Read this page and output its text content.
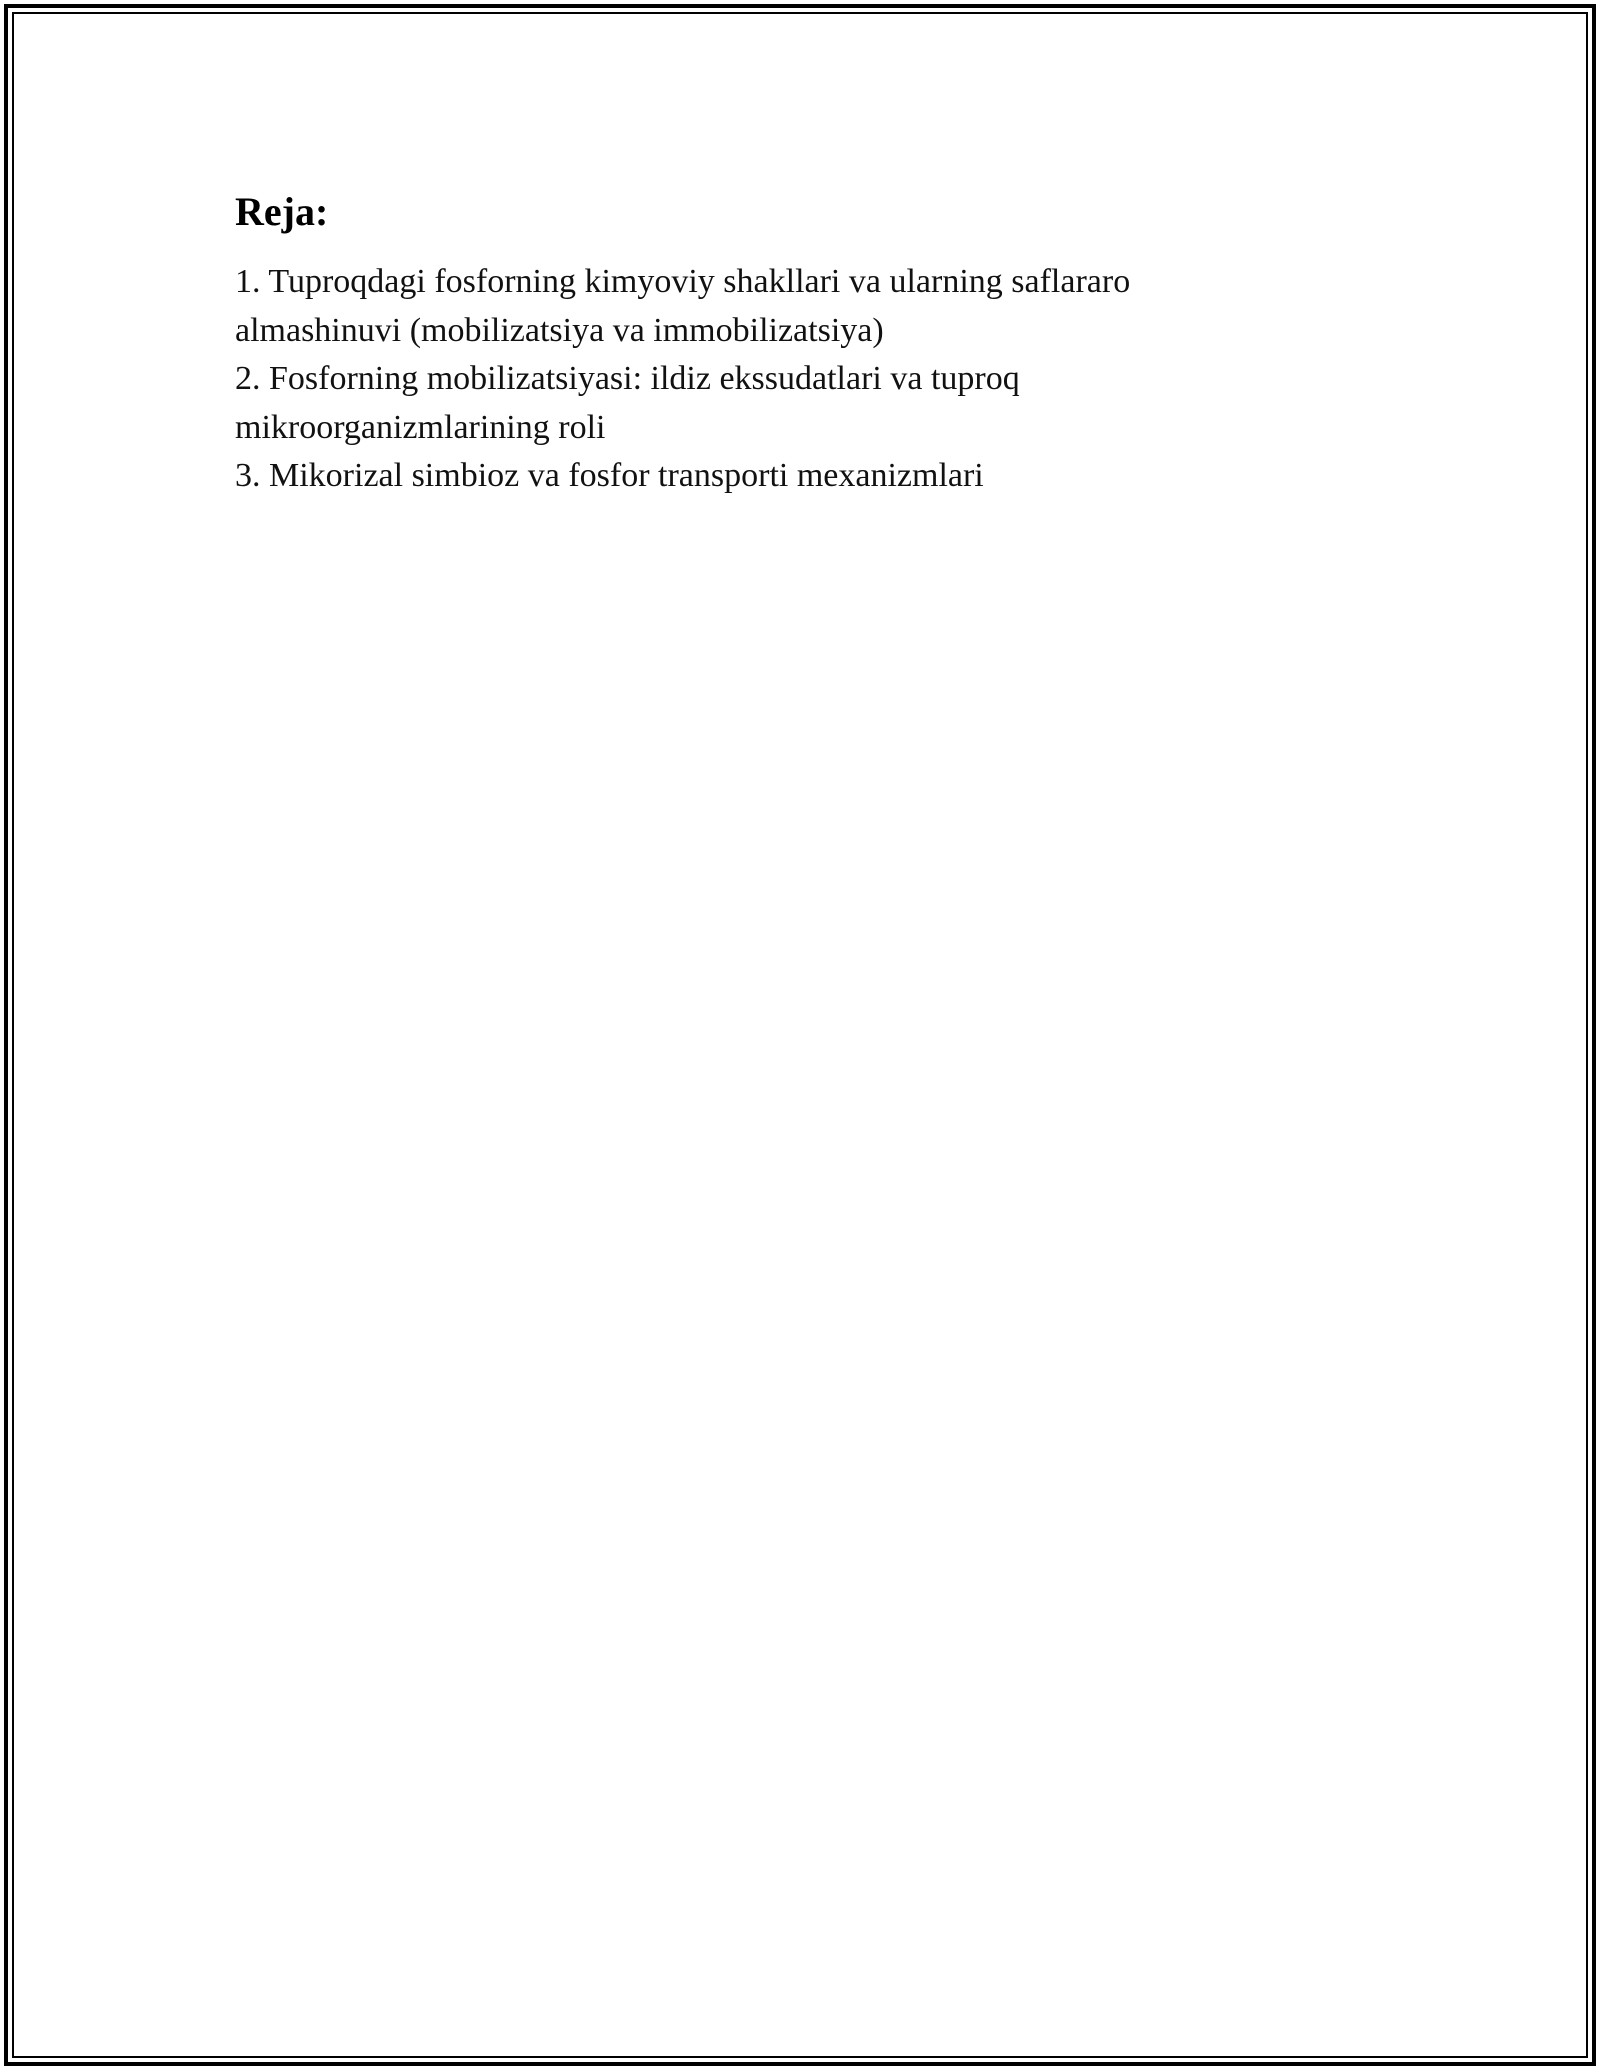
Reja:
1. Tuproqdagi fosforning kimyoviy shakllari va ularning saflararo
almashinuvi (mobilizatsiya va immobilizatsiya)
2. Fosforning mobilizatsiyasi: ildiz ekssudatlari va tuproq
mikroorganizmlarining roli
3. Mikorizal simbioz va fosfor transporti mexanizmlari
